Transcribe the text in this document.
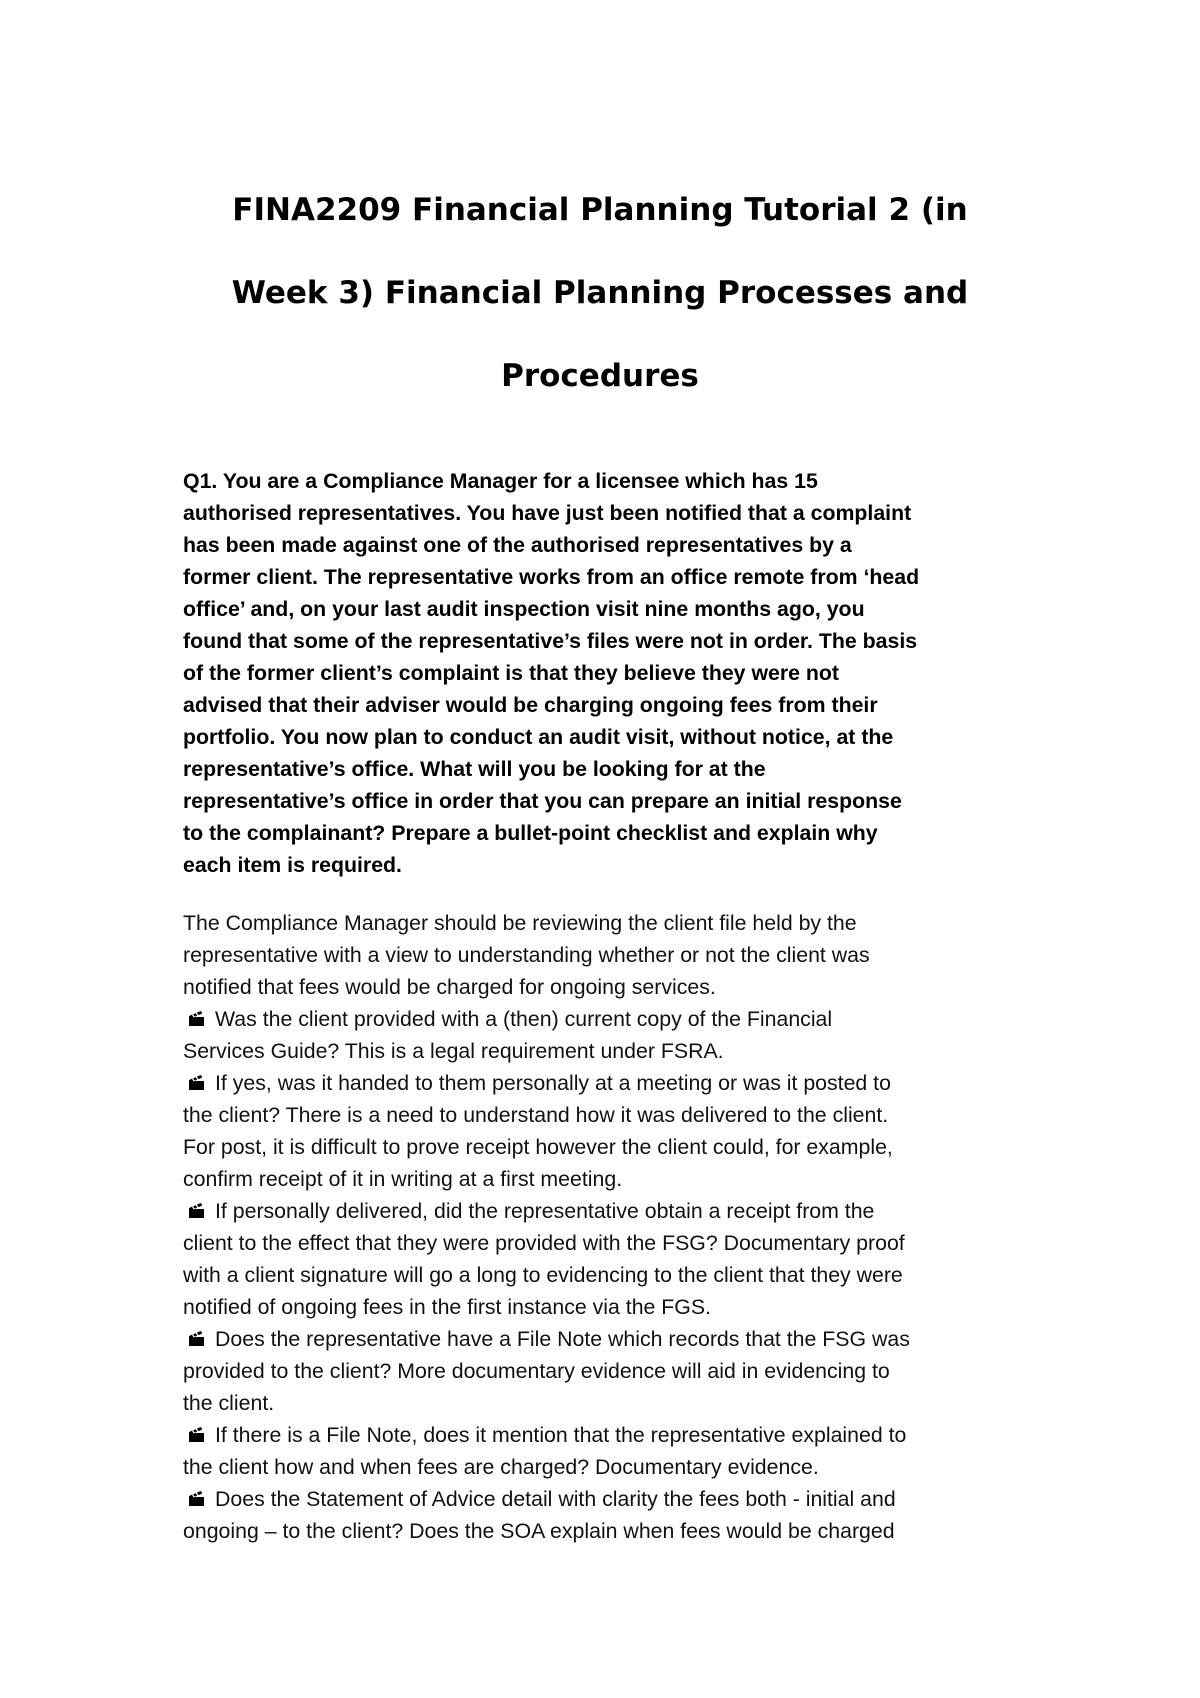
FINA2209 Financial Planning Tutorial 2 (in
Week 3) Financial Planning Processes and
Procedures
Q1. You are a Compliance Manager for a licensee which has 15
authorised representatives. You have just been notified that a complaint
has been made against one of the authorised representatives by a
former client. The representative works from an office remote from ‘head
office’ and, on your last audit inspection visit nine months ago, you
found that some of the representative’s files were not in order. The basis
of the former client’s complaint is that they believe they were not
advised that their adviser would be charging ongoing fees from their
portfolio. You now plan to conduct an audit visit, without notice, at the
representative’s office. What will you be looking for at the
representative’s office in order that you can prepare an initial response
to the complainant? Prepare a bullet-point checklist and explain why
each item is required.
The Compliance Manager should be reviewing the client file held by the
representative with a view to understanding whether or not the client was
notified that fees would be charged for ongoing services.
Was the client provided with a (then) current copy of the Financial
Services Guide? This is a legal requirement under FSRA.
If yes, was it handed to them personally at a meeting or was it posted to
the client? There is a need to understand how it was delivered to the client.
For post, it is difficult to prove receipt however the client could, for example,
confirm receipt of it in writing at a first meeting.
If personally delivered, did the representative obtain a receipt from the
client to the effect that they were provided with the FSG? Documentary proof
with a client signature will go a long to evidencing to the client that they were
notified of ongoing fees in the first instance via the FGS.
Does the representative have a File Note which records that the FSG was
provided to the client? More documentary evidence will aid in evidencing to
the client.
If there is a File Note, does it mention that the representative explained to
the client how and when fees are charged? Documentary evidence.
Does the Statement of Advice detail with clarity the fees both - initial and
ongoing – to the client? Does the SOA explain when fees would be charged
